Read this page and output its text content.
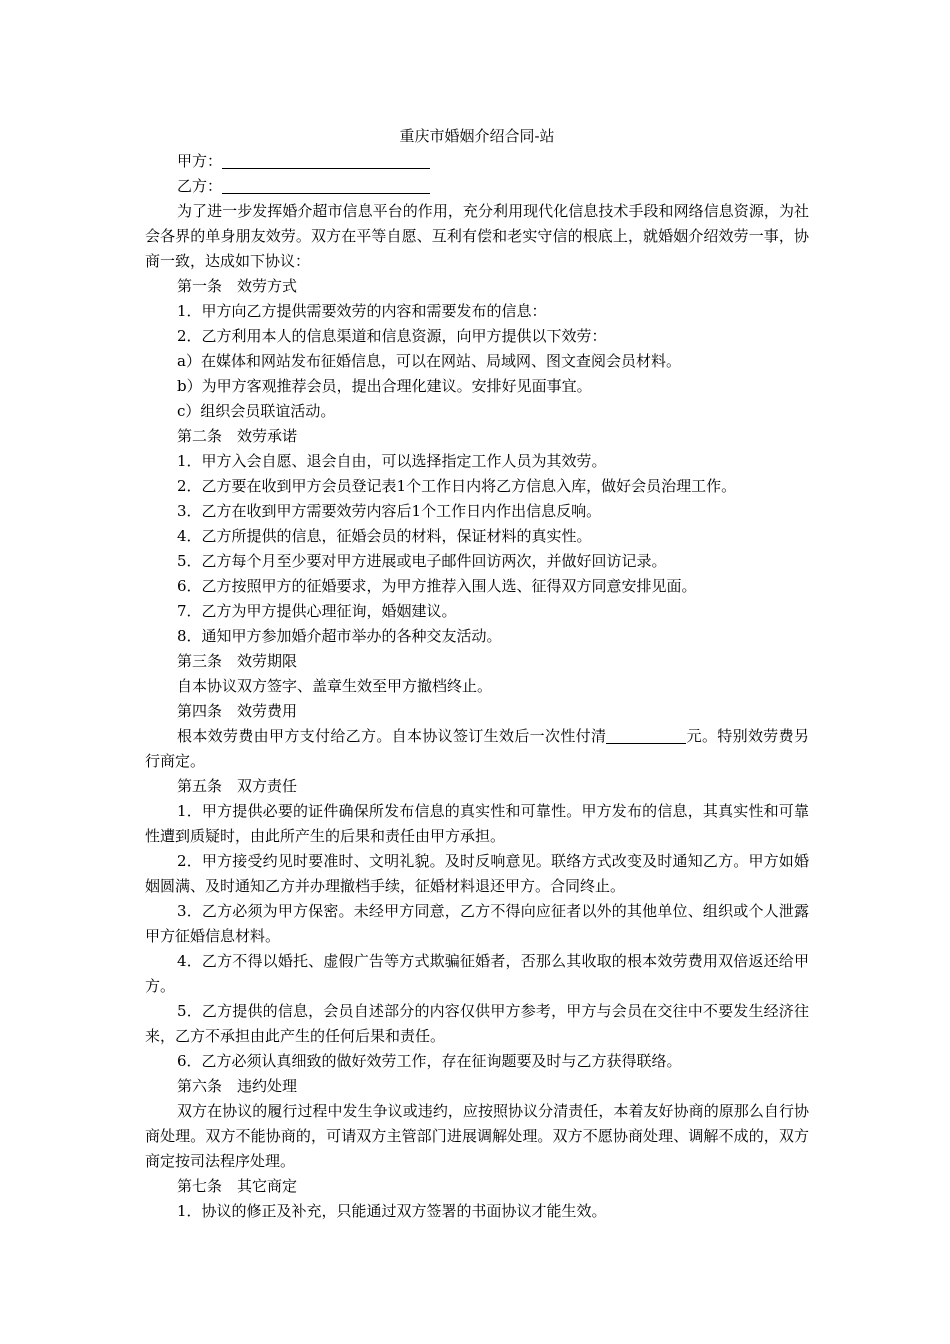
重庆市婚姻介绍合同-站

甲方：

乙方：

为了进一步发挥婚介超市信息平台的作用，充分利用现代化信息技术手段和网络信息资源，为社会各界的单身朋友效劳。双方在平等自愿、互利有偿和老实守信的根底上，就婚姻介绍效劳一事，协商一致，达成如下协议：

第一条　效劳方式

1．甲方向乙方提供需要效劳的内容和需要发布的信息：

2．乙方利用本人的信息渠道和信息资源，向甲方提供以下效劳：

a）在媒体和网站发布征婚信息，可以在网站、局域网、图文查阅会员材料。

b）为甲方客观推荐会员，提出合理化建议。安排好见面事宜。

c）组织会员联谊活动。

第二条　效劳承诺

1．甲方入会自愿、退会自由，可以选择指定工作人员为其效劳。

2．乙方要在收到甲方会员登记表1个工作日内将乙方信息入库，做好会员治理工作。

3．乙方在收到甲方需要效劳内容后1个工作日内作出信息反响。

4．乙方所提供的信息，征婚会员的材料，保证材料的真实性。

5．乙方每个月至少要对甲方进展或电子邮件回访两次，并做好回访记录。

6．乙方按照甲方的征婚要求，为甲方推荐入围人选、征得双方同意安排见面。

7．乙方为甲方提供心理征询，婚姻建议。

8．通知甲方参加婚介超市举办的各种交友活动。

第三条　效劳期限

自本协议双方签字、盖章生效至甲方撤档终止。

第四条　效劳费用

根本效劳费由甲方支付给乙方。自本协议签订生效后一次性付清	元。特别效劳费另行商定。

第五条　双方责任

1．甲方提供必要的证件确保所发布信息的真实性和可靠性。甲方发布的信息，其真实性和可靠性遭到质疑时，由此所产生的后果和责任由甲方承担。

2．甲方接受约见时要准时、文明礼貌。及时反响意见。联络方式改变及时通知乙方。甲方如婚姻圆满、及时通知乙方并办理撤档手续，征婚材料退还甲方。合同终止。

3．乙方必须为甲方保密。未经甲方同意，乙方不得向应征者以外的其他单位、组织或个人泄露甲方征婚信息材料。

4．乙方不得以婚托、虚假广告等方式欺骗征婚者，否那么其收取的根本效劳费用双倍返还给甲方。

5．乙方提供的信息，会员自述部分的内容仅供甲方参考，甲方与会员在交往中不要发生经济往来，乙方不承担由此产生的任何后果和责任。

6．乙方必须认真细致的做好效劳工作，存在征询题要及时与乙方获得联络。

第六条　违约处理

双方在协议的履行过程中发生争议或违约，应按照协议分清责任，本着友好协商的原那么自行协商处理。双方不能协商的，可请双方主管部门进展调解处理。双方不愿协商处理、调解不成的，双方商定按司法程序处理。

第七条　其它商定

1．协议的修正及补充，只能通过双方签署的书面协议才能生效。
